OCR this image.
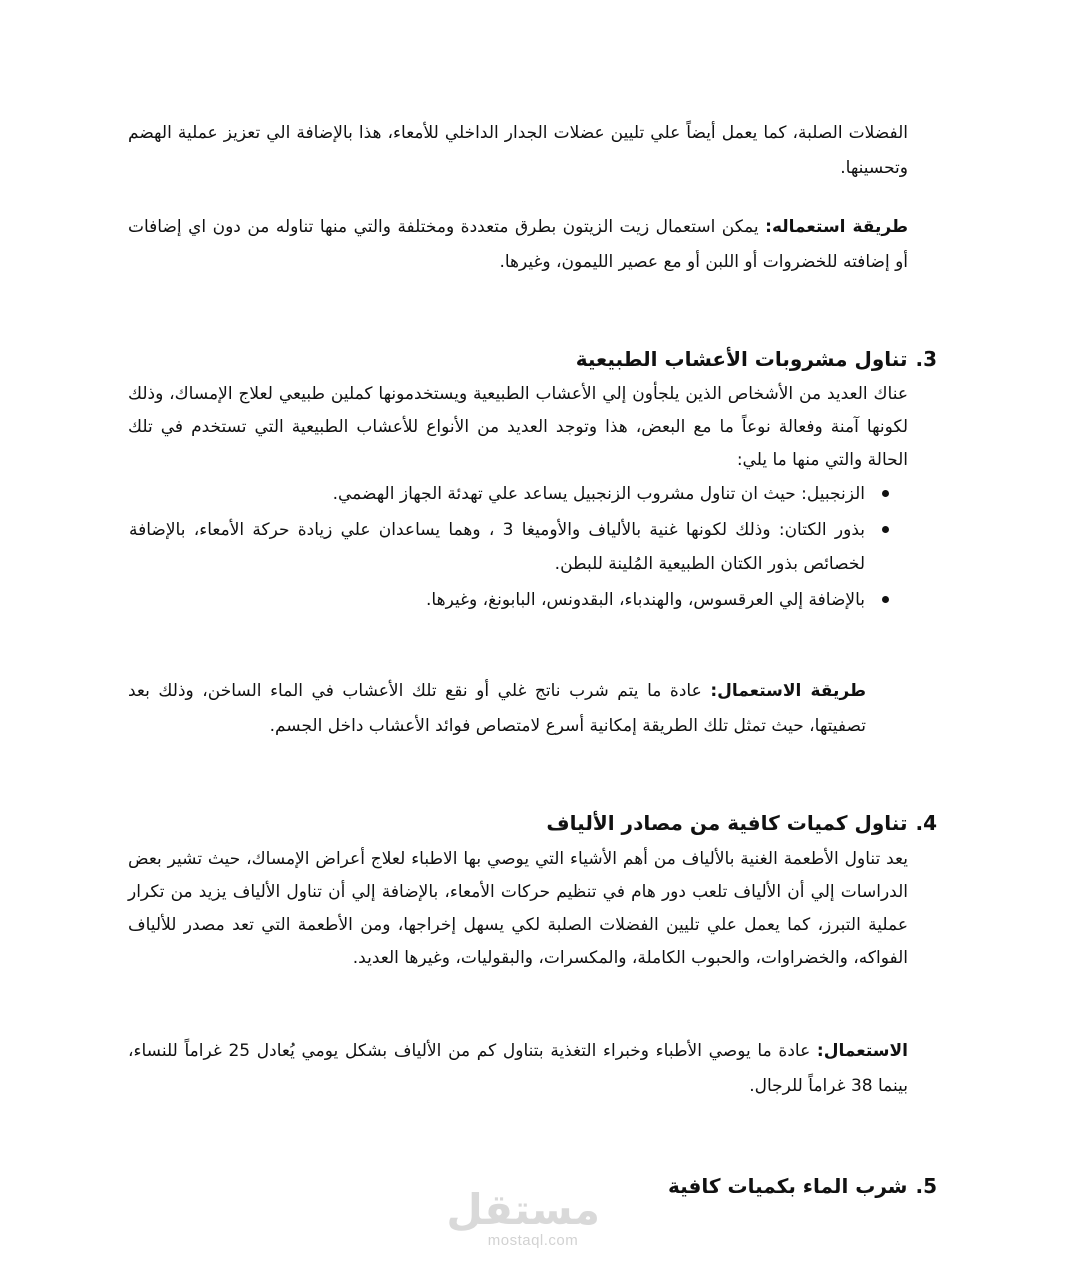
الفضلات الصلبة، كما يعمل أيضاً علي تليين عضلات الجدار الداخلي للأمعاء، هذا بالإضافة الي تعزيز عملية الهضم وتحسينها.

طريقة استعماله: يمكن استعمال زيت الزيتون بطرق متعددة ومختلفة والتي منها تناوله من دون اي إضافات أو إضافته للخضروات أو اللبن أو مع عصير الليمون، وغيرها.

3.تناول مشروبات الأعشاب الطبيعية

عناك العديد من الأشخاص الذين يلجأون إلي الأعشاب الطبيعية ويستخدمونها كملين طبيعي لعلاج الإمساك، وذلك لكونها آمنة وفعالة نوعاً ما مع البعض، هذا وتوجد العديد من الأنواع للأعشاب الطبيعية التي تستخدم في تلك الحالة والتي منها ما يلي:

الزنجبيل: حيث ان تناول مشروب الزنجبيل يساعد علي تهدئة الجهاز الهضمي.
بذور الكتان: وذلك لكونها غنية بالألياف والأوميغا 3 ، وهما يساعدان علي زيادة حركة الأمعاء، بالإضافة لخصائص بذور الكتان الطبيعية المُلينة للبطن.
بالإضافة إلي العرقسوس، والهندباء، البقدونس، البابونغ، وغيرها.

طريقة الاستعمال: عادة ما يتم شرب ناتج غلي أو نقع تلك الأعشاب في الماء الساخن، وذلك بعد تصفيتها، حيث تمثل تلك الطريقة إمكانية أسرع لامتصاص فوائد الأعشاب داخل الجسم.

4.تناول كميات كافية من مصادر الألياف

يعد تناول الأطعمة الغنية بالألياف من أهم الأشياء التي يوصي بها الاطباء لعلاج أعراض الإمساك، حيث تشير بعض الدراسات إلي أن الألياف تلعب دور هام في تنظيم حركات الأمعاء، بالإضافة إلي أن تناول الألياف يزيد من تكرار عملية التبرز، كما يعمل علي تليين الفضلات الصلبة لكي يسهل إخراجها، ومن الأطعمة التي تعد مصدر للألياف الفواكه، والخضراوات، والحبوب الكاملة، والمكسرات، والبقوليات، وغيرها العديد.

الاستعمال: عادة ما يوصي الأطباء وخبراء التغذية بتناول كم من الألياف بشكل يومي يُعادل 25 غراماً للنساء، بينما 38 غراماً للرجال.

5.شرب الماء بكميات كافية
مستقل
mostaql.com
